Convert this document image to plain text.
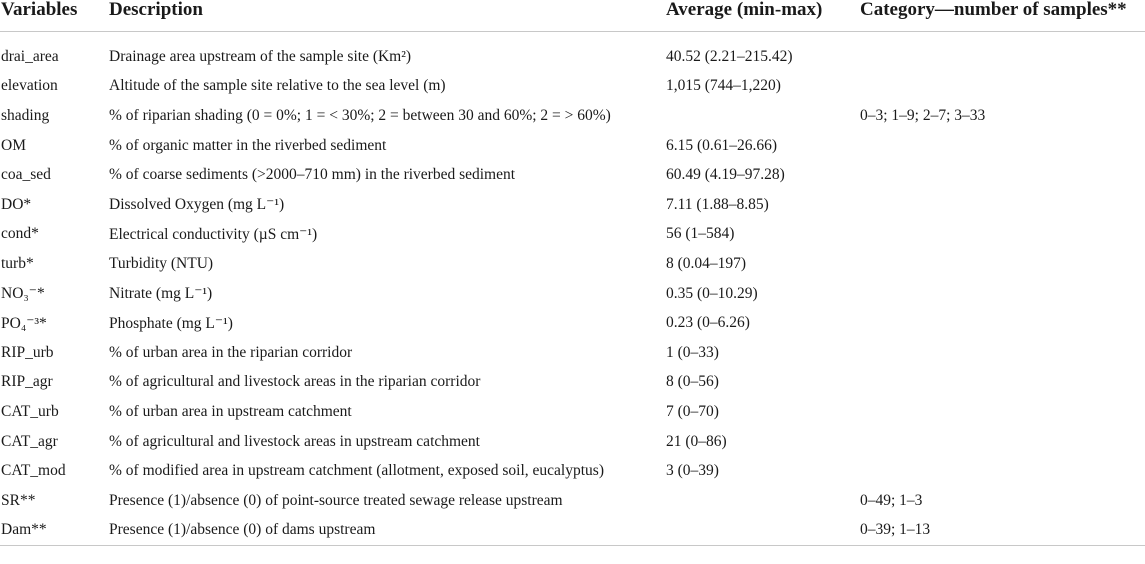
Variables	Description	Average (min-max)	Category—number of samples**
drai_area	Drainage area upstream of the sample site (Km²)	40.52 (2.21–215.42)	
elevation	Altitude of the sample site relative to the sea level (m)	1,015 (744–1,220)	
shading	% of riparian shading (0 = 0%; 1 = < 30%; 2 = between 30 and 60%; 2 = > 60%)		0–3; 1–9; 2–7; 3–33
OM	% of organic matter in the riverbed sediment	6.15 (0.61–26.66)	
coa_sed	% of coarse sediments (>2000–710 mm) in the riverbed sediment	60.49 (4.19–97.28)	
DO*	Dissolved Oxygen (mg L⁻¹)	7.11 (1.88–8.85)	
cond*	Electrical conductivity (µS cm⁻¹)	56 (1–584)	
turb*	Turbidity (NTU)	8 (0.04–197)	
NO₃⁻*	Nitrate (mg L⁻¹)	0.35 (0–10.29)	
PO₄⁻³*	Phosphate (mg L⁻¹)	0.23 (0–6.26)	
RIP_urb	% of urban area in the riparian corridor	1 (0–33)	
RIP_agr	% of agricultural and livestock areas in the riparian corridor	8 (0–56)	
CAT_urb	% of urban area in upstream catchment	7 (0–70)	
CAT_agr	% of agricultural and livestock areas in upstream catchment	21 (0–86)	
CAT_mod	% of modified area in upstream catchment (allotment, exposed soil, eucalyptus)	3 (0–39)	
SR**	Presence (1)/absence (0) of point-source treated sewage release upstream		0–49; 1–3
Dam**	Presence (1)/absence (0) of dams upstream		0–39; 1–13
